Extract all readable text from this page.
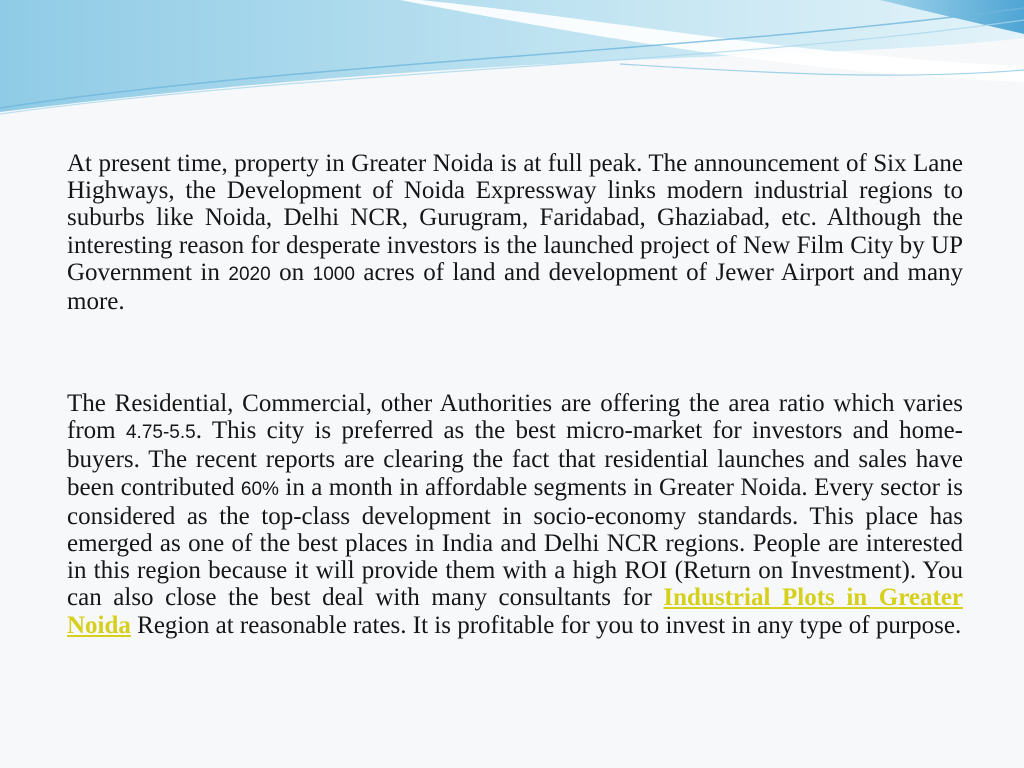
At present time, property in Greater Noida is at full peak. The announcement of Six Lane Highways, the Development of Noida Expressway links modern industrial regions to suburbs like Noida, Delhi NCR, Gurugram, Faridabad, Ghaziabad, etc. Although the interesting reason for desperate investors is the launched project of New Film City by UP Government in 2020 on 1000 acres of land and development of Jewer Airport and many more.

The Residential, Commercial, other Authorities are offering the area ratio which varies from 4.75-5.5. This city is preferred as the best micro-market for investors and home-buyers. The recent reports are clearing the fact that residential launches and sales have been contributed 60% in a month in affordable segments in Greater Noida. Every sector is considered as the top-class development in socio-economy standards. This place has emerged as one of the best places in India and Delhi NCR regions. People are interested in this region because it will provide them with a high ROI (Return on Investment). You can also close the best deal with many consultants for Industrial Plots in Greater Noida Region at reasonable rates. It is profitable for you to invest in any type of purpose.
